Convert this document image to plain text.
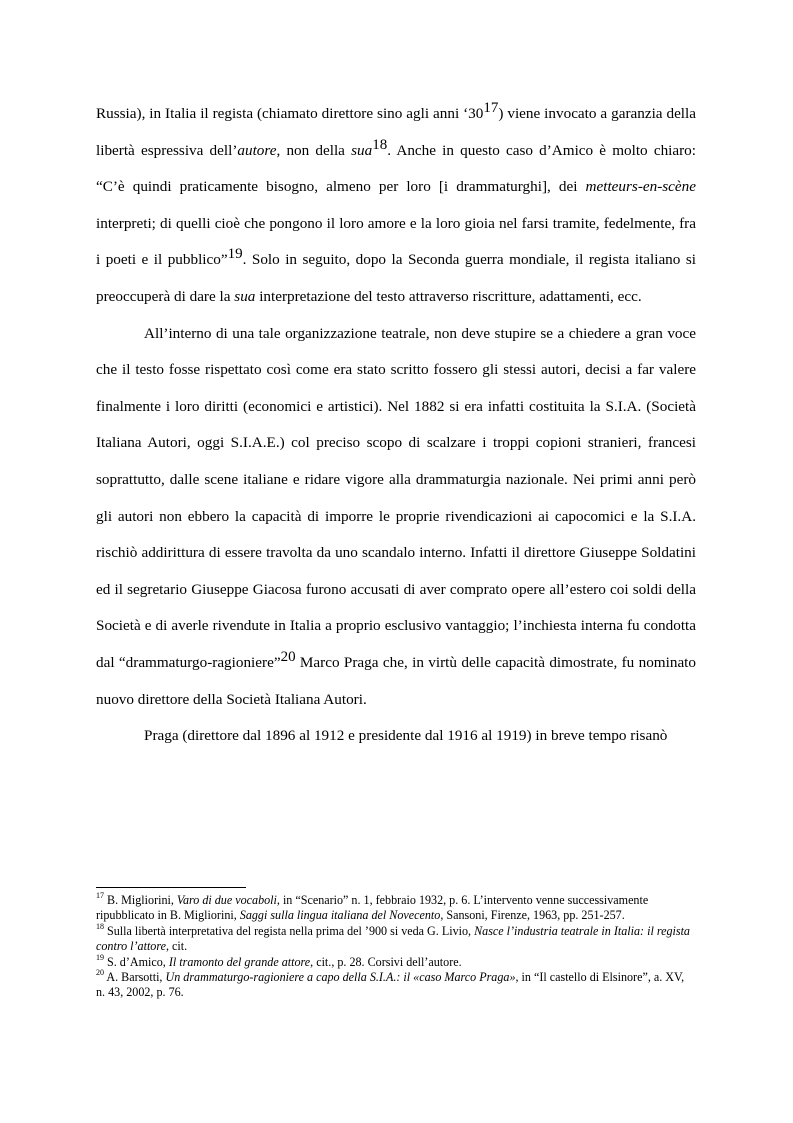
Russia), in Italia il regista (chiamato direttore sino agli anni ‘3017) viene invocato a garanzia della libertà espressiva dell’autore, non della sua18. Anche in questo caso d’Amico è molto chiaro: “C’è quindi praticamente bisogno, almeno per loro [i drammaturghi], dei metteurs-en-scène interpreti; di quelli cioè che pongono il loro amore e la loro gioia nel farsi tramite, fedelmente, fra i poeti e il pubblico”19. Solo in seguito, dopo la Seconda guerra mondiale, il regista italiano si preoccuperà di dare la sua interpretazione del testo attraverso riscritture, adattamenti, ecc.

All’interno di una tale organizzazione teatrale, non deve stupire se a chiedere a gran voce che il testo fosse rispettato così come era stato scritto fossero gli stessi autori, decisi a far valere finalmente i loro diritti (economici e artistici). Nel 1882 si era infatti costituita la S.I.A. (Società Italiana Autori, oggi S.I.A.E.) col preciso scopo di scalzare i troppi copioni stranieri, francesi soprattutto, dalle scene italiane e ridare vigore alla drammaturgia nazionale. Nei primi anni però gli autori non ebbero la capacità di imporre le proprie rivendicazioni ai capocomici e la S.I.A. rischiò addirittura di essere travolta da uno scandalo interno. Infatti il direttore Giuseppe Soldatini ed il segretario Giuseppe Giacosa furono accusati di aver comprato opere all’estero coi soldi della Società e di averle rivendute in Italia a proprio esclusivo vantaggio; l’inchiesta interna fu condotta dal “drammaturgo-ragioniere”20 Marco Praga che, in virtù delle capacità dimostrate, fu nominato nuovo direttore della Società Italiana Autori.

Praga (direttore dal 1896 al 1912 e presidente dal 1916 al 1919) in breve tempo risanò

$^{17}$ B. Migliorini, Varo di due vocaboli, in “Scenario” n. 1, febbraio 1932, p. 6. L’intervento venne successivamente ripubblicato in B. Migliorini, Saggi sulla lingua italiana del Novecento, Sansoni, Firenze, 1963, pp. 251-257.

$^{18}$ Sulla libertà interpretativa del regista nella prima del ’900 si veda G. Livio, Nasce l’industria teatrale in Italia: il regista contro l’attore, cit.

$^{19}$ S. d’Amico, Il tramonto del grande attore, cit., p. 28. Corsivi dell’autore.

$^{20}$ A. Barsotti, Un drammaturgo-ragioniere a capo della S.I.A.: il «caso Marco Praga», in “Il castello di Elsinore”, a. XV, n. 43, 2002, p. 76.
